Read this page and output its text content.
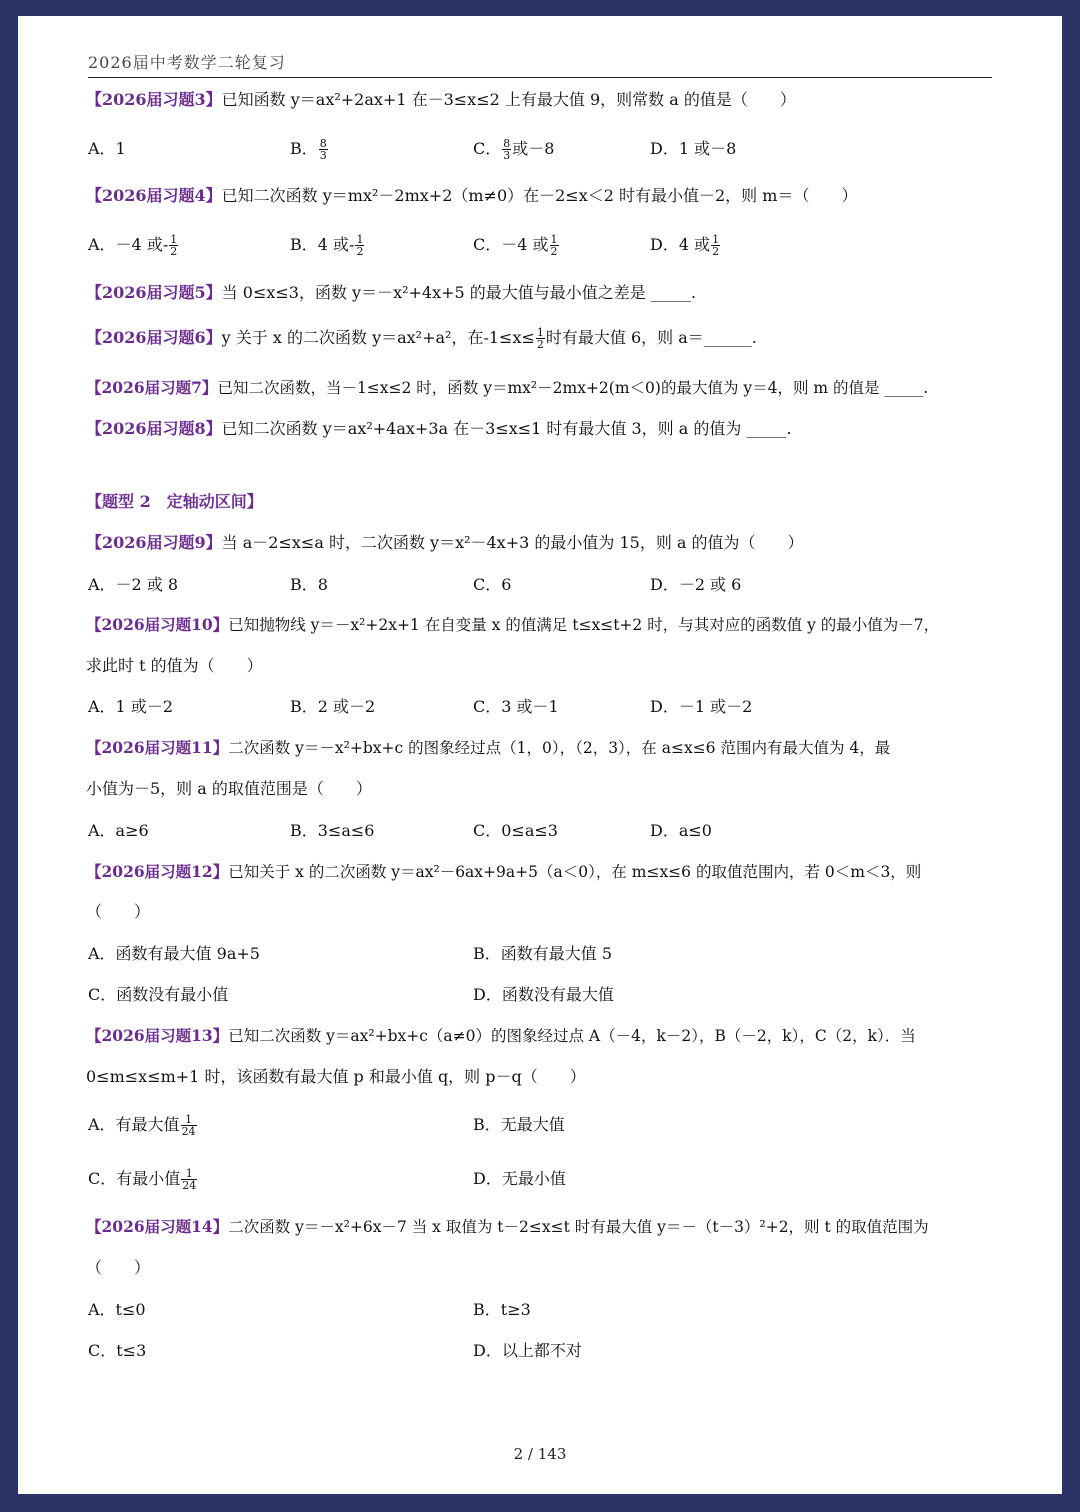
2026届中考数学二轮复习
【2026届习题3】已知函数 y＝ax²+2ax+1 在－3≤x≤2 上有最大值 9，则常数 a 的值是（　　）
A．1	B． $\frac{8}{3}$	C． $\frac{8}{3}$ 或－8	D．1 或－8
【2026届习题4】已知二次函数 y＝mx²－2mx+2（m≠0）在－2≤x＜2 时有最小值－2，则 m＝（　　）
A．－4 或- $\frac{1}{2}$	B．4 或- $\frac{1}{2}$	C．－4 或 $\frac{1}{2}$	D．4 或 $\frac{1}{2}$
【2026届习题5】当 0≤x≤3，函数 y＝－x²+4x+5 的最大值与最小值之差是 _____.
【2026届习题6】y 关于 x 的二次函数 y＝ax²+a²，在$-1\le x\le \frac{1}{2}$ 时有最大值 6，则 a＝______.
【2026届习题7】已知二次函数，当－1≤x≤2 时，函数 y＝mx²－2mx+2(m＜0)的最大值为 y＝4，则 m 的值是 _____.
【2026届习题8】已知二次函数 y＝ax²+4ax+3a 在－3≤x≤1 时有最大值 3，则 a 的值为 _____.
【题型 2　定轴动区间】
【2026届习题9】当 a－2≤x≤a 时，二次函数 y＝x²－4x+3 的最小值为 15，则 a 的值为（　　）
A．－2 或 8	B．8	C．6	D．－2 或 6
【2026届习题10】已知抛物线 y＝－x²+2x+1 在自变量 x 的值满足 t≤x≤t+2 时，与其对应的函数值 y 的最小值为－7，
求此时 t 的值为（　　）
A．1 或－2	B．2 或－2	C．3 或－1	D．－1 或－2
【2026届习题11】二次函数 y＝－x²+bx+c 的图象经过点（1，0），（2，3），在 a≤x≤6 范围内有最大值为 4，最
小值为－5，则 a 的取值范围是（　　）
A．a≥6	B．3≤a≤6	C．0≤a≤3	D．a≤0
【2026届习题12】已知关于 x 的二次函数 y＝ax²－6ax+9a+5（a＜0），在 m≤x≤6 的取值范围内，若 0＜m＜3，则
（　　）
A．函数有最大值 9a+5	B．函数有最大值 5
C．函数没有最小值	D．函数没有最大值
【2026届习题13】已知二次函数 y＝ax²+bx+c（a≠0）的图象经过点 A（－4，k－2），B（－2，k），C（2，k）．当
0≤m≤x≤m+1 时，该函数有最大值 p 和最小值 q，则 p－q（　　）
A．有最大值 $\frac{1}{24}$	B．无最大值
C．有最小值 $\frac{1}{24}$	D．无最小值
【2026届习题14】二次函数 y＝－x²+6x－7 当 x 取值为 t－2≤x≤t 时有最大值 y＝－（t－3）²+2，则 t 的取值范围为
（　　）
A．t≤0	B．t≥3
C．t≤3	D．以上都不对
2 / 143
